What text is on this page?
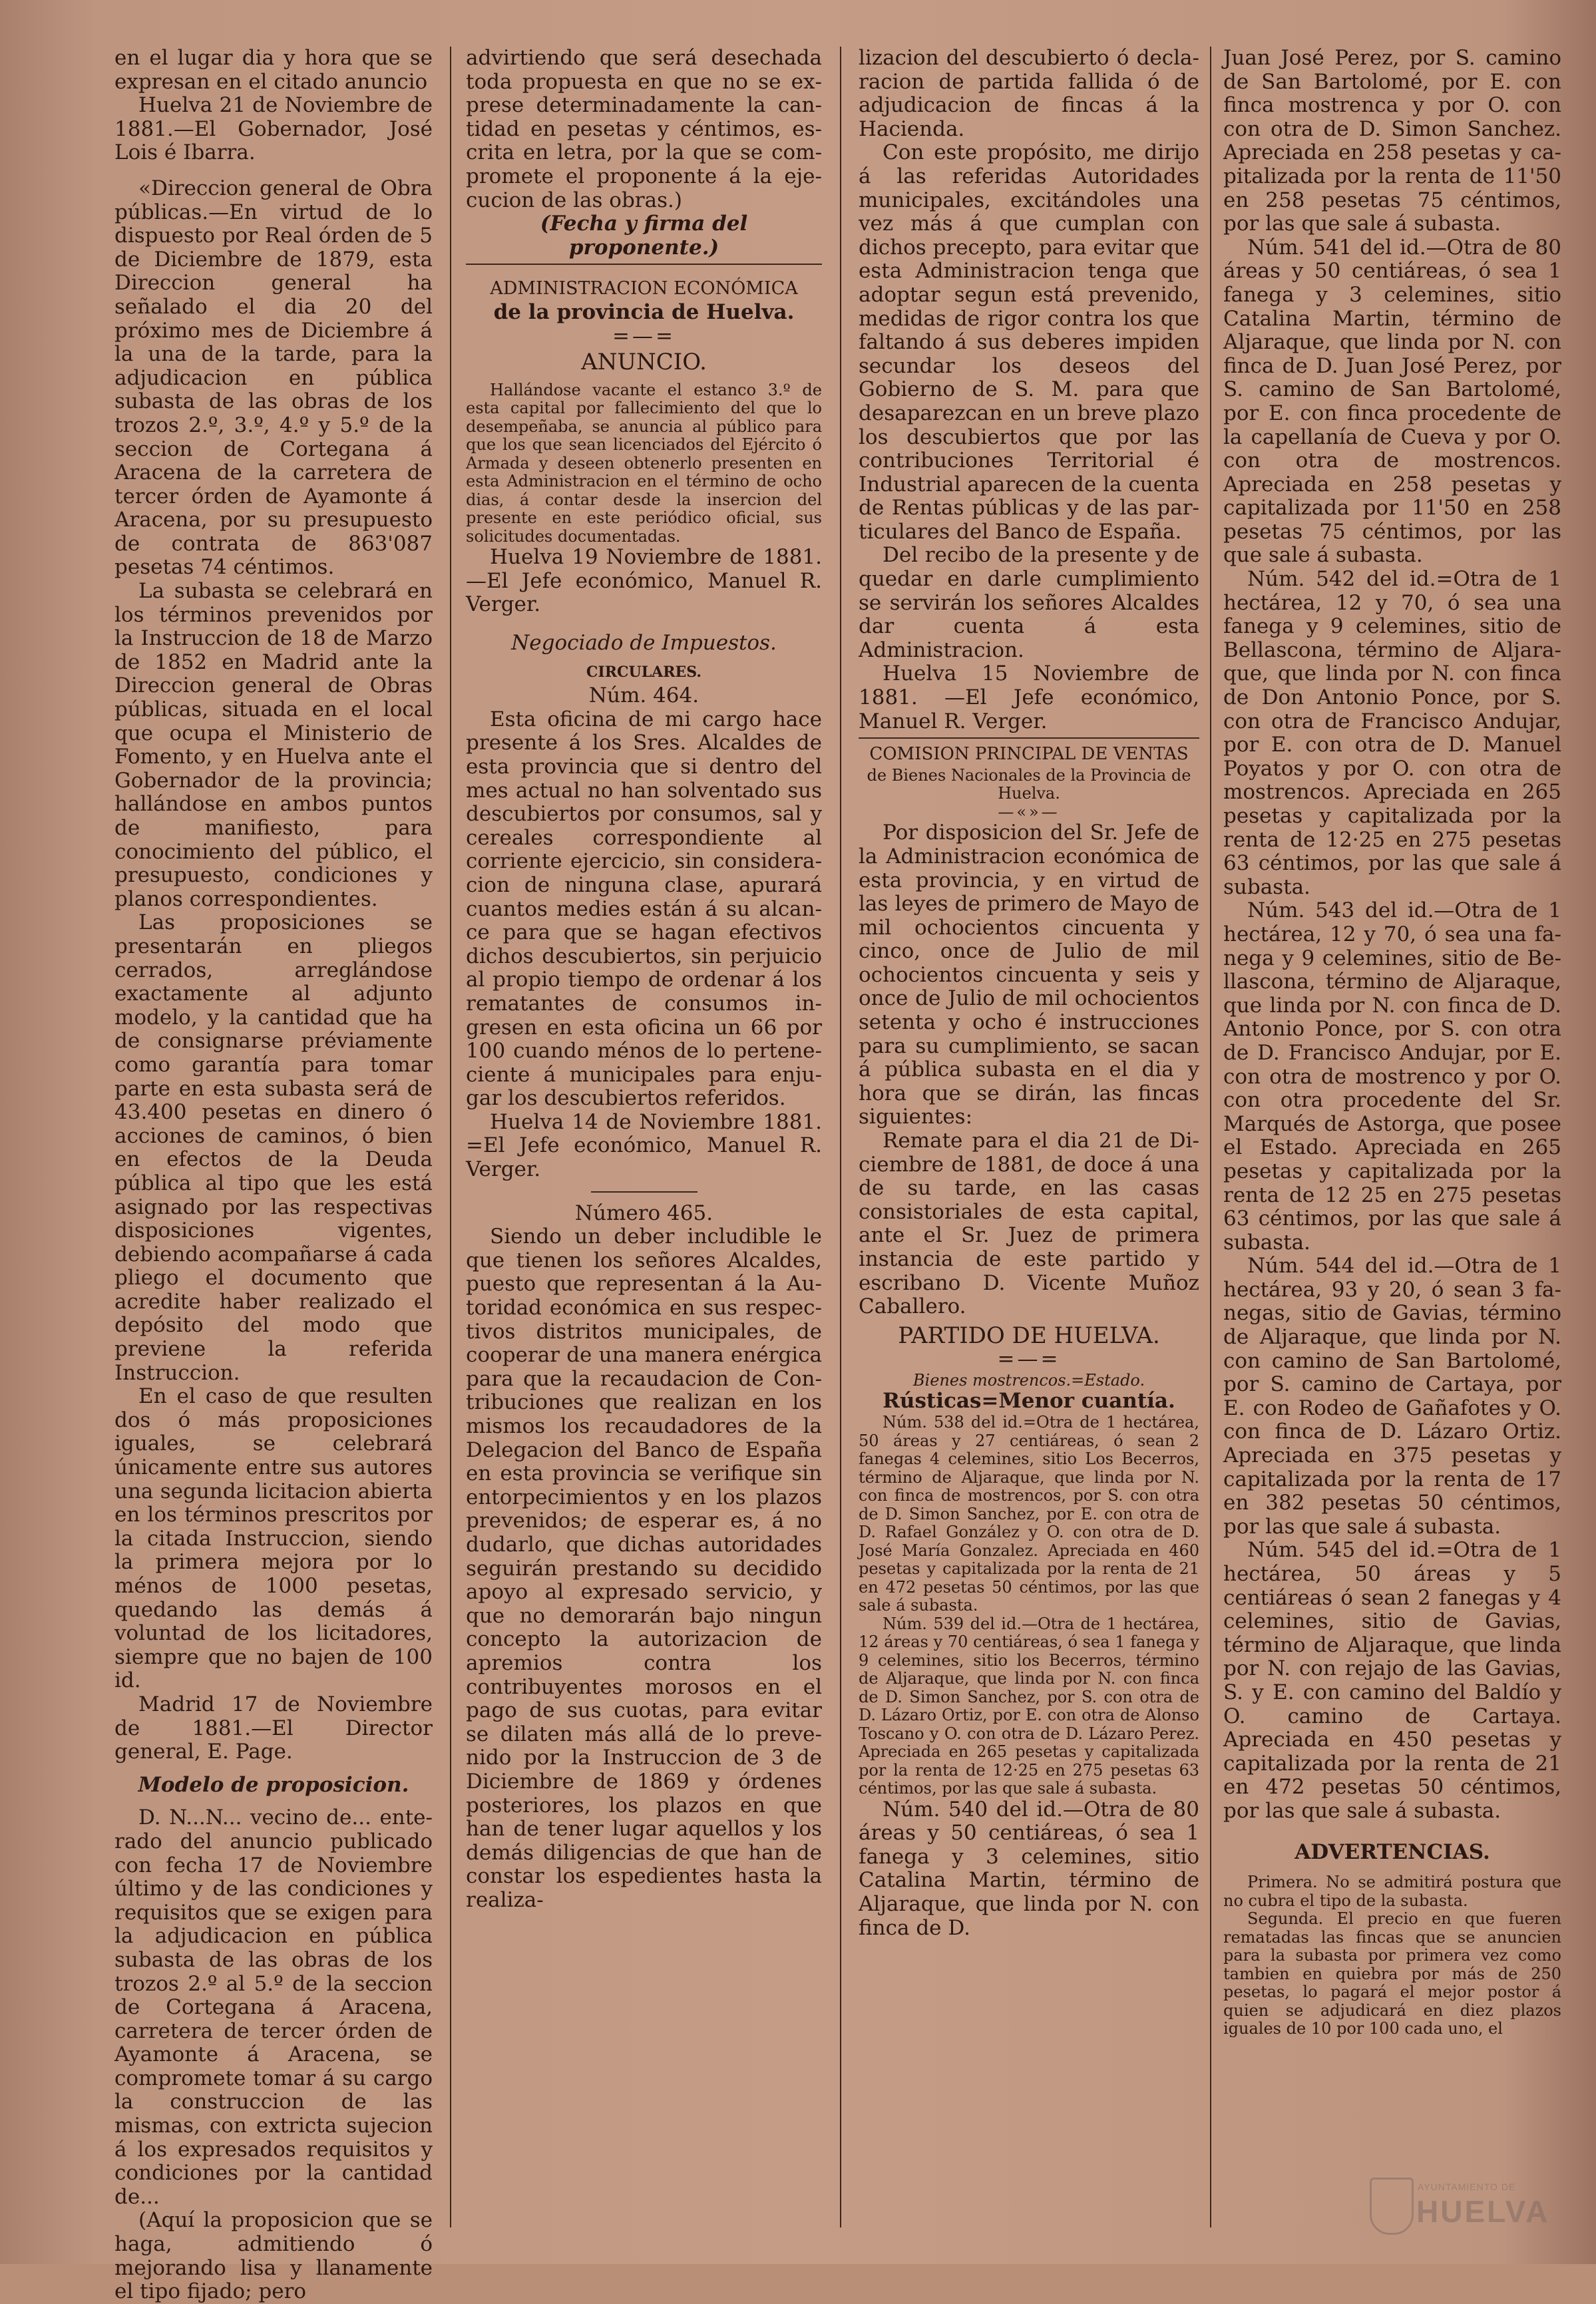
en el lugar dia y hora que se expresan en el citado anuncio

Huelva 21 de Noviembre de 1881.—El Gobernador, José Lois é Ibarra.

«Direccion general de Obra públicas.—En virtud de lo dispuesto por Real órden de 5 de Diciembre de 1879, esta Direccion general ha señalado el dia 20 del próximo mes de Diciembre á la una de la tarde, para la adjudicacion en pública subasta de las obras de los trozos 2.º, 3.º, 4.º y 5.º de la seccion de Cortegana á Aracena de la carretera de tercer órden de Ayamonte á Aracena, por su presupuesto de contrata de 863'087 pesetas 74 céntimos.

La subasta se celebrará en los términos prevenidos por la Instruccion de 18 de Marzo de 1852 en Madrid ante la Direccion general de Obras públicas, situada en el local que ocupa el Ministerio de Fomento, y en Huelva ante el Gobernador de la provincia; hallándose en ambos puntos de manifiesto, para conocimiento del público, el presupuesto, condiciones y planos correspondientes.

Las proposiciones se presentarán en pliegos cerrados, arreglándose exactamente al adjunto modelo, y la cantidad que ha de consignarse préviamente como garantía para tomar parte en esta subasta será de 43.400 pesetas en dinero ó acciones de caminos, ó bien en efectos de la Deuda pública al tipo que les está asignado por las respectivas disposiciones vigentes, debiendo acompañarse á cada pliego el documento que acredite haber realizado el depósito del modo que previene la referida Instruccion.

En el caso de que resulten dos ó más proposiciones iguales, se celebrará únicamente entre sus autores una segunda licitacion abierta en los términos prescritos por la citada Instruccion, siendo la primera mejora por lo ménos de 1000 pesetas, quedando las demás á voluntad de los licitadores, siempre que no bajen de 100 id.

Madrid 17 de Noviembre de 1881.—El Director general, E. Page.

Modelo de proposicion.

D. N...N... vecino de... enterado del anuncio publicado con fecha 17 de Noviembre último y de las condiciones y requisitos que se exigen para la adjudicacion en pública subasta de las obras de los trozos 2.º al 5.º de la seccion de Cortegana á Aracena, carretera de tercer órden de Ayamonte á Aracena, se compromete tomar á su cargo la construccion de las mismas, con extricta sujecion á los expresados requisitos y condiciones por la cantidad de...

(Aquí la proposicion que se haga, admitiendo ó mejorando lisa y llanamente el tipo fijado; pero

advirtiendo que será desechada toda propuesta en que no se exprese determinadamente la cantidad en pesetas y céntimos, escrita en letra, por la que se compromete el proponente á la ejecucion de las obras.)

(Fecha y firma del proponente.)

ADMINISTRACION ECONÓMICA

de la provincia de Huelva.

=—=

ANUNCIO.

Hallándose vacante el estanco 3.º de esta capital por fallecimiento del que lo desempeñaba, se anuncia al público para que los que sean licenciados del Ejército ó Armada y deseen obtenerlo presenten en esta Administracion en el término de ocho dias, á contar desde la insercion del presente en este periódico oficial, sus solicitudes documentadas.

Huelva 19 Noviembre de 1881. —El Jefe económico, Manuel R. Verger.

Negociado de Impuestos.

CIRCULARES.

Núm. 464.

Esta oficina de mi cargo hace presente á los Sres. Alcaldes de esta provincia que si dentro del mes actual no han solventado sus descubiertos por consumos, sal y cereales correspondiente al corriente ejercicio, sin consideracion de ninguna clase, apurará cuantos medies están á su alcance para que se hagan efectivos dichos descubiertos, sin perjuicio al propio tiempo de ordenar á los rematantes de consumos ingresen en esta oficina un 66 por 100 cuando ménos de lo perteneciente á municipales para enjugar los descubiertos referidos.

Huelva 14 de Noviembre 1881. =El Jefe económico, Manuel R. Verger.

Número 465.

Siendo un deber includible le que tienen los señores Alcaldes, puesto que representan á la Autoridad económica en sus respectivos distritos municipales, de cooperar de una manera enérgica para que la recaudacion de Contribuciones que realizan en los mismos los recaudadores de la Delegacion del Banco de España en esta provincia se verifique sin entorpecimientos y en los plazos prevenidos; de esperar es, á no dudarlo, que dichas autoridades seguirán prestando su decidido apoyo al expresado servicio, y que no demorarán bajo ningun concepto la autorizacion de apremios contra los contribuyentes morosos en el pago de sus cuotas, para evitar se dilaten más allá de lo prevenido por la Instruccion de 3 de Diciembre de 1869 y órdenes posteriores, los plazos en que han de tener lugar aquellos y los demás diligencias de que han de constar los espedientes hasta la realiza-

lizacion del descubierto ó declaracion de partida fallida ó de adjudicacion de fincas á la Hacienda.

Con este propósito, me dirijo á las referidas Autoridades municipales, excitándoles una vez más á que cumplan con dichos precepto, para evitar que esta Administracion tenga que adoptar segun está prevenido, medidas de rigor contra los que faltando á sus deberes impiden secundar los deseos del Gobierno de S. M. para que desaparezcan en un breve plazo los descubiertos que por las contribuciones Territorial é Industrial aparecen de la cuenta de Rentas públicas y de las particulares del Banco de España.

Del recibo de la presente y de quedar en darle cumplimiento se servirán los señores Alcaldes dar cuenta á esta Administracion.

Huelva 15 Noviembre de 1881. —El Jefe económico, Manuel R. Verger.

COMISION PRINCIPAL DE VENTAS

de Bienes Nacionales de la Provincia de Huelva.

—«»—

Por disposicion del Sr. Jefe de la Administracion económica de esta provincia, y en virtud de las leyes de primero de Mayo de mil ochocientos cincuenta y cinco, once de Julio de mil ochocientos cincuenta y seis y once de Julio de mil ochocientos setenta y ocho é instrucciones para su cumplimiento, se sacan á pública subasta en el dia y hora que se dirán, las fincas siguientes:

Remate para el dia 21 de Diciembre de 1881, de doce á una de su tarde, en las casas consistoriales de esta capital, ante el Sr. Juez de primera instancia de este partido y escribano D. Vicente Muñoz Caballero.

PARTIDO DE HUELVA.

=—=

Bienes mostrencos.=Estado.

Rústicas=Menor cuantía.

Núm. 538 del id.=Otra de 1 hectárea, 50 áreas y 27 centiáreas, ó sean 2 fanegas 4 celemines, sitio Los Becerros, término de Aljaraque, que linda por N. con finca de mostrencos, por S. con otra de D. Simon Sanchez, por E. con otra de D. Rafael González y O. con otra de D. José María Gonzalez. Apreciada en 460 pesetas y capitalizada por la renta de 21 en 472 pesetas 50 céntimos, por las que sale á subasta.

Núm. 539 del id.—Otra de 1 hectárea, 12 áreas y 70 centiáreas, ó sea 1 fanega y 9 celemines, sitio los Becerros, término de Aljaraque, que linda por N. con finca de D. Simon Sanchez, por S. con otra de D. Lázaro Ortiz, por E. con otra de Alonso Toscano y O. con otra de D. Lázaro Perez. Apreciada en 265 pesetas y capitalizada por la renta de 12·25 en 275 pesetas 63 céntimos, por las que sale á subasta.

Núm. 540 del id.—Otra de 80 áreas y 50 centiáreas, ó sea 1 fanega y 3 celemines, sitio Catalina Martin, término de Aljaraque, que linda por N. con finca de D.

Juan José Perez, por S. camino de San Bartolomé, por E. con finca mostrenca y por O. con con otra de D. Simon Sanchez. Apreciada en 258 pesetas y capitalizada por la renta de 11'50 en 258 pesetas 75 céntimos, por las que sale á subasta.

Núm. 541 del id.—Otra de 80 áreas y 50 centiáreas, ó sea 1 fanega y 3 celemines, sitio Catalina Martin, término de Aljaraque, que linda por N. con finca de D. Juan José Perez, por S. camino de San Bartolomé, por E. con finca procedente de la capellanía de Cueva y por O. con otra de mostrencos. Apreciada en 258 pesetas y capitalizada por 11'50 en 258 pesetas 75 céntimos, por las que sale á subasta.

Núm. 542 del id.=Otra de 1 hectárea, 12 y 70, ó sea una fanega y 9 celemines, sitio de Bellascona, término de Aljaraque, que linda por N. con finca de Don Antonio Ponce, por S. con otra de Francisco Andujar, por E. con otra de D. Manuel Poyatos y por O. con otra de mostrencos. Apreciada en 265 pesetas y capitalizada por la renta de 12·25 en 275 pesetas 63 céntimos, por las que sale á subasta.

Núm. 543 del id.—Otra de 1 hectárea, 12 y 70, ó sea una fanega y 9 celemines, sitio de Bellascona, término de Aljaraque, que linda por N. con finca de D. Antonio Ponce, por S. con otra de D. Francisco Andujar, por E. con otra de mostrenco y por O. con otra procedente del Sr. Marqués de Astorga, que posee el Estado. Apreciada en 265 pesetas y capitalizada por la renta de 12 25 en 275 pesetas 63 céntimos, por las que sale á subasta.

Núm. 544 del id.—Otra de 1 hectárea, 93 y 20, ó sean 3 fanegas, sitio de Gavias, término de Aljaraque, que linda por N. con camino de San Bartolomé, por S. camino de Cartaya, por E. con Rodeo de Gañafotes y O. con finca de D. Lázaro Ortiz. Apreciada en 375 pesetas y capitalizada por la renta de 17 en 382 pesetas 50 céntimos, por las que sale á subasta.

Núm. 545 del id.=Otra de 1 hectárea, 50 áreas y 5 centiáreas ó sean 2 fanegas y 4 celemines, sitio de Gavias, término de Aljaraque, que linda por N. con rejajo de las Gavias, S. y E. con camino del Baldío y O. camino de Cartaya. Apreciada en 450 pesetas y capitalizada por la renta de 21 en 472 pesetas 50 céntimos, por las que sale á subasta.

ADVERTENCIAS.

Primera. No se admitirá postura que no cubra el tipo de la subasta.

Segunda. El precio en que fueren rematadas las fincas que se anuncien para la subasta por primera vez como tambien en quiebra por más de 250 pesetas, lo pagará el mejor postor á quien se adjudicará en diez plazos iguales de 10 por 100 cada uno, el

AYUNTAMIENTO DE
HUELVA
